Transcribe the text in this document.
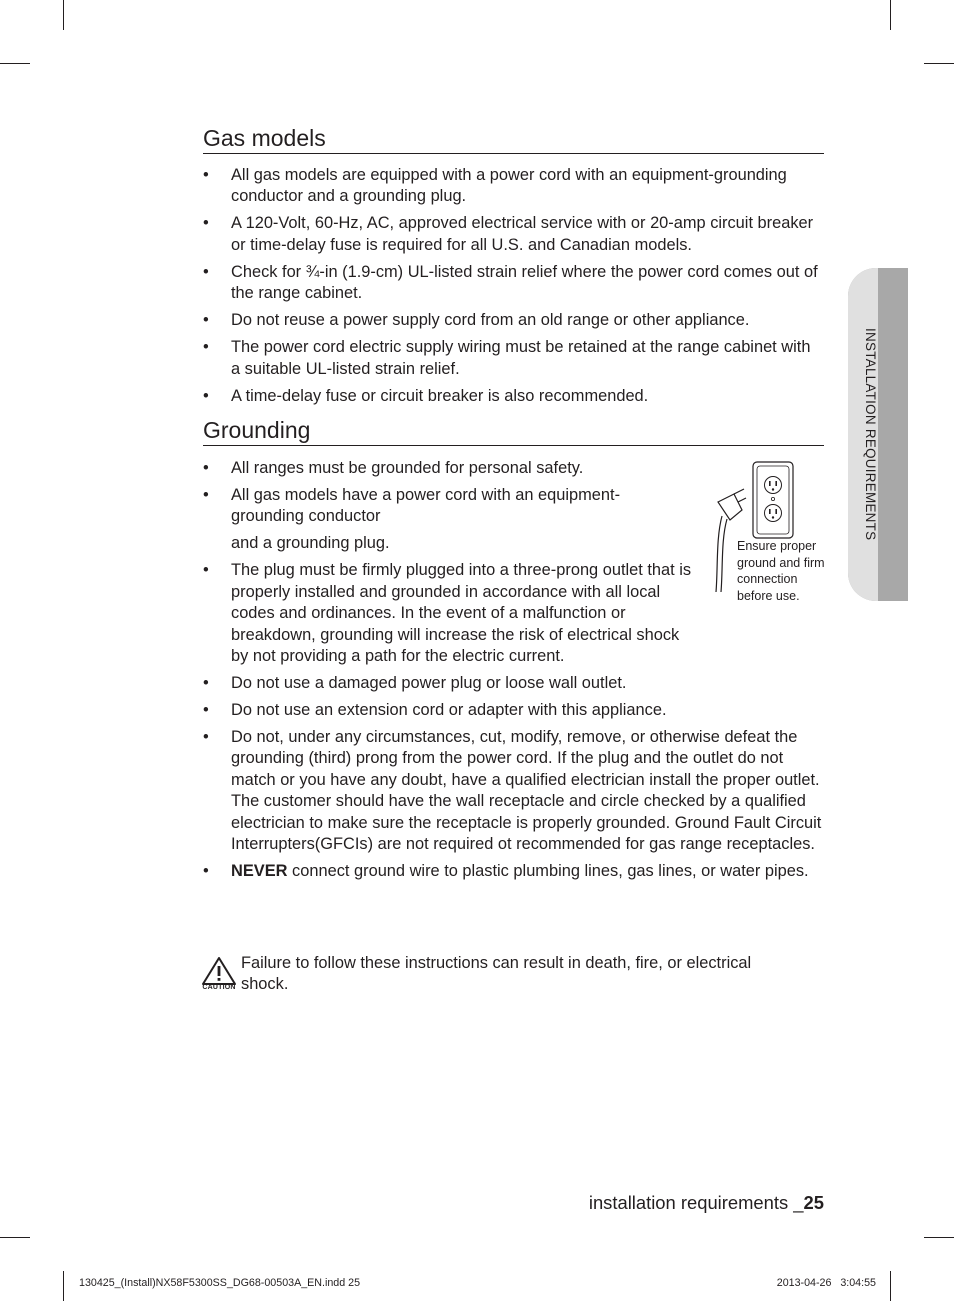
Gas models
• All gas models are equipped with a power cord with an equipment-grounding conductor and a grounding plug.

• A 120-Volt, 60-Hz, AC, approved electrical service with or 20-amp circuit breaker or time-delay fuse is required for all U.S. and Canadian models.

• Check for ¾-in (1.9-cm) UL-listed strain relief where the power cord comes out of the range cabinet.

• Do not reuse a power supply cord from an old range or other appliance.

• The power cord electric supply wiring must be retained at the range cabinet with a suitable UL-listed strain relief.

• A time-delay fuse or circuit breaker is also recommended.

Grounding
• All ranges must be grounded for personal safety.

• All gas models have a power cord with an equipment-grounding conductor

and a grounding plug.

• The plug must be firmly plugged into a three-prong outlet that is properly installed and grounded in accordance with all local codes and ordinances. In the event of a malfunction or breakdown, grounding will increase the risk of electrical shock by not providing a path for the electric current.

• Do not use a damaged power plug or loose wall outlet.

• Do not use an extension cord or adapter with this appliance.

• Do not, under any circumstances, cut, modify, remove, or otherwise defeat the grounding (third) prong from the power cord. If the plug and the outlet do not match or you have any doubt, have a qualified electrician install the proper outlet.

The customer should have the wall receptacle and circle checked by a qualified electrician to make sure the receptacle is properly grounded. Ground Fault Circuit Interrupters(GFCIs) are not required ot recommended for gas range receptacles.

• NEVER connect ground wire to plastic plumbing lines, gas lines, or water pipes.

Ensure proper ground and firm connection before use.
CAUTION
Failure to follow these instructions can result in death, fire, or electrical shock.
INSTALLATION REQUIREMENTS
installation requirements _25
130425_(Install)NX58F5300SS_DG68-00503A_EN.indd 25	2013-04-26   3:04:55
